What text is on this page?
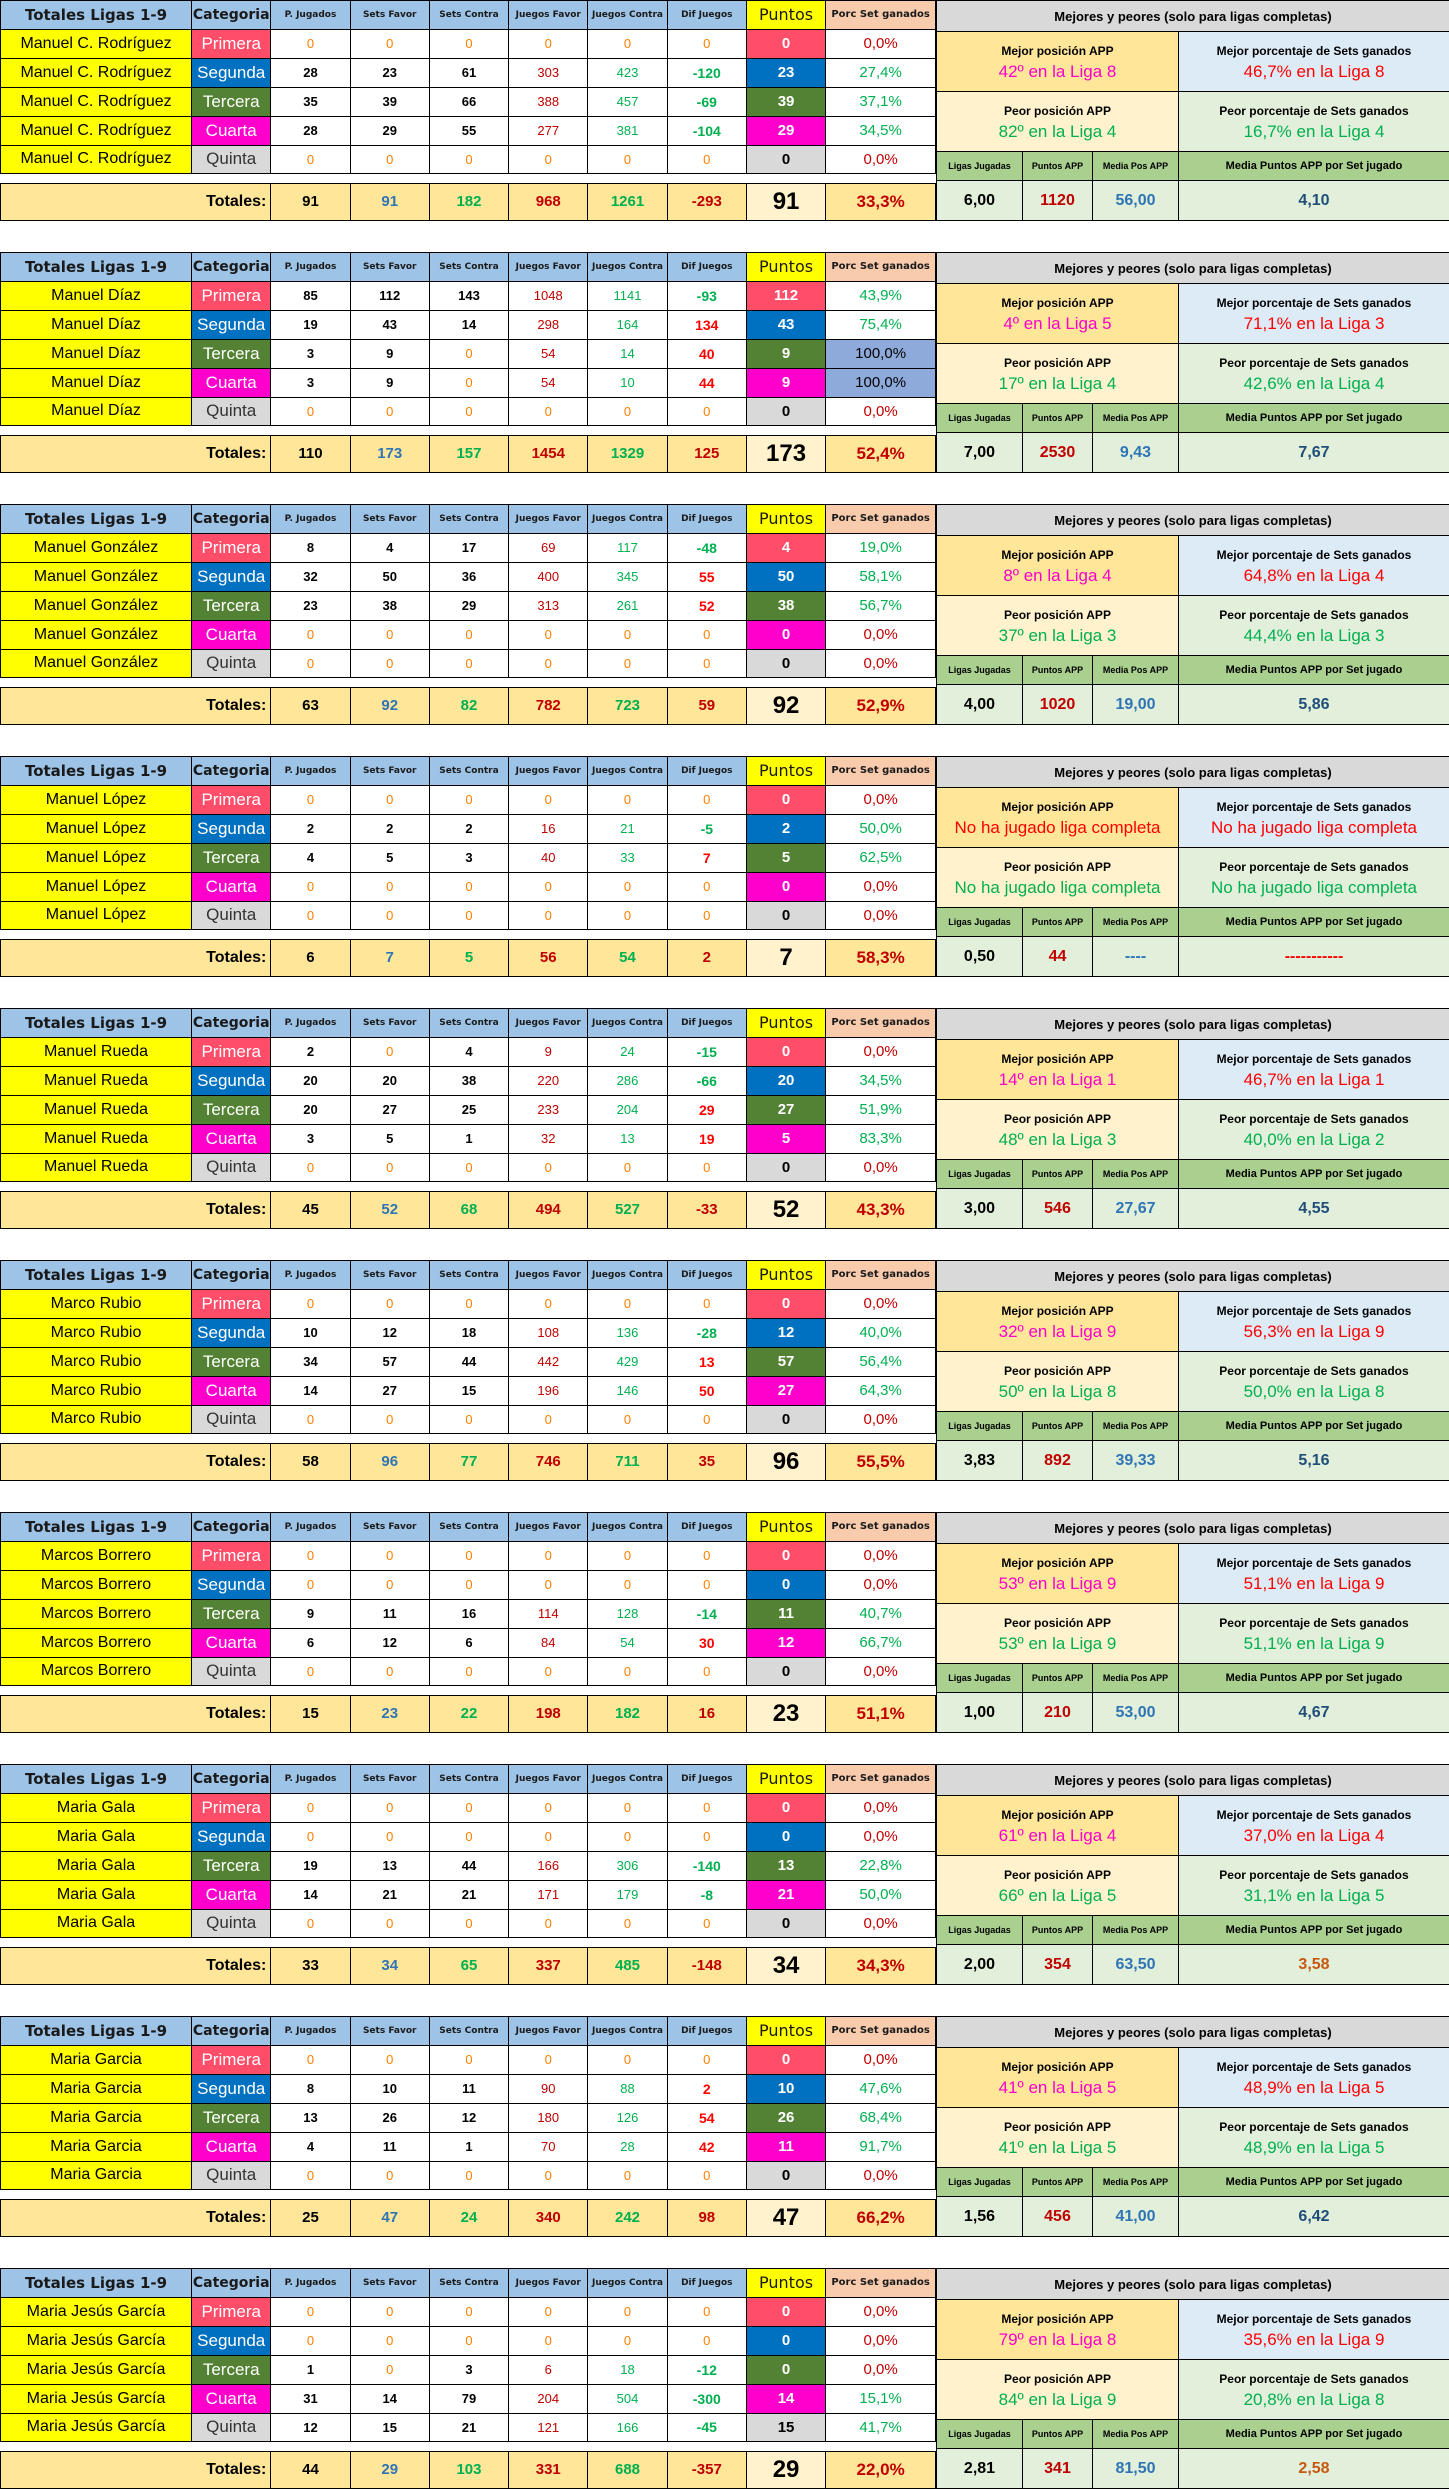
Totales Ligas 1-9	Categoria	P. Jugados	Sets Favor	Sets Contra	Juegos Favor	Juegos Contra	Dif Juegos	Puntos	Porc Set ganados
Manuel C. Rodríguez	Primera	0	0	0	0	0	0	0	0,0%
Manuel C. Rodríguez	Segunda	28	23	61	303	423	-120	23	27,4%
Manuel C. Rodríguez	Tercera	35	39	66	388	457	-69	39	37,1%
Manuel C. Rodríguez	Cuarta	28	29	55	277	381	-104	29	34,5%
Manuel C. Rodríguez	Quinta	0	0	0	0	0	0	0	0,0%

Totales:		91	91	182	968	1261	-293	91	33,3%
Mejores y peores (solo para ligas completas)			

Mejor posición APP
42º en la Liga 8			Mejor porcentaje de Sets ganados
46,7% en la Liga 8

Peor posición APP
82º en la Liga 4			Peor porcentaje de Sets ganados
16,7% en la Liga 4

Ligas Jugadas	Puntos APP	Media Pos APP	Media Puntos APP por Set jugado
6,00	1120	56,00	4,10
Totales Ligas 1-9	Categoria	P. Jugados	Sets Favor	Sets Contra	Juegos Favor	Juegos Contra	Dif Juegos	Puntos	Porc Set ganados
Manuel Díaz	Primera	85	112	143	1048	1141	-93	112	43,9%
Manuel Díaz	Segunda	19	43	14	298	164	134	43	75,4%
Manuel Díaz	Tercera	3	9	0	54	14	40	9	100,0%
Manuel Díaz	Cuarta	3	9	0	54	10	44	9	100,0%
Manuel Díaz	Quinta	0	0	0	0	0	0	0	0,0%

Totales:		110	173	157	1454	1329	125	173	52,4%
Mejores y peores (solo para ligas completas)			

Mejor posición APP
4º en la Liga 5			Mejor porcentaje de Sets ganados
71,1% en la Liga 3

Peor posición APP
17º en la Liga 4			Peor porcentaje de Sets ganados
42,6% en la Liga 4

Ligas Jugadas	Puntos APP	Media Pos APP	Media Puntos APP por Set jugado
7,00	2530	9,43	7,67
Totales Ligas 1-9	Categoria	P. Jugados	Sets Favor	Sets Contra	Juegos Favor	Juegos Contra	Dif Juegos	Puntos	Porc Set ganados
Manuel González	Primera	8	4	17	69	117	-48	4	19,0%
Manuel González	Segunda	32	50	36	400	345	55	50	58,1%
Manuel González	Tercera	23	38	29	313	261	52	38	56,7%
Manuel González	Cuarta	0	0	0	0	0	0	0	0,0%
Manuel González	Quinta	0	0	0	0	0	0	0	0,0%

Totales:		63	92	82	782	723	59	92	52,9%
Mejores y peores (solo para ligas completas)			

Mejor posición APP
8º en la Liga 4			Mejor porcentaje de Sets ganados
64,8% en la Liga 4

Peor posición APP
37º en la Liga 3			Peor porcentaje de Sets ganados
44,4% en la Liga 3

Ligas Jugadas	Puntos APP	Media Pos APP	Media Puntos APP por Set jugado
4,00	1020	19,00	5,86
Totales Ligas 1-9	Categoria	P. Jugados	Sets Favor	Sets Contra	Juegos Favor	Juegos Contra	Dif Juegos	Puntos	Porc Set ganados
Manuel López	Primera	0	0	0	0	0	0	0	0,0%
Manuel López	Segunda	2	2	2	16	21	-5	2	50,0%
Manuel López	Tercera	4	5	3	40	33	7	5	62,5%
Manuel López	Cuarta	0	0	0	0	0	0	0	0,0%
Manuel López	Quinta	0	0	0	0	0	0	0	0,0%

Totales:		6	7	5	56	54	2	7	58,3%
Mejores y peores (solo para ligas completas)			

Mejor posición APP
No ha jugado liga completa			Mejor porcentaje de Sets ganados
No ha jugado liga completa

Peor posición APP
No ha jugado liga completa			Peor porcentaje de Sets ganados
No ha jugado liga completa

Ligas Jugadas	Puntos APP	Media Pos APP	Media Puntos APP por Set jugado
0,50	44	----	-----------
Totales Ligas 1-9	Categoria	P. Jugados	Sets Favor	Sets Contra	Juegos Favor	Juegos Contra	Dif Juegos	Puntos	Porc Set ganados
Manuel Rueda	Primera	2	0	4	9	24	-15	0	0,0%
Manuel Rueda	Segunda	20	20	38	220	286	-66	20	34,5%
Manuel Rueda	Tercera	20	27	25	233	204	29	27	51,9%
Manuel Rueda	Cuarta	3	5	1	32	13	19	5	83,3%
Manuel Rueda	Quinta	0	0	0	0	0	0	0	0,0%

Totales:		45	52	68	494	527	-33	52	43,3%
Mejores y peores (solo para ligas completas)			

Mejor posición APP
14º en la Liga 1			Mejor porcentaje de Sets ganados
46,7% en la Liga 1

Peor posición APP
48º en la Liga 3			Peor porcentaje de Sets ganados
40,0% en la Liga 2

Ligas Jugadas	Puntos APP	Media Pos APP	Media Puntos APP por Set jugado
3,00	546	27,67	4,55
Totales Ligas 1-9	Categoria	P. Jugados	Sets Favor	Sets Contra	Juegos Favor	Juegos Contra	Dif Juegos	Puntos	Porc Set ganados
Marco Rubio	Primera	0	0	0	0	0	0	0	0,0%
Marco Rubio	Segunda	10	12	18	108	136	-28	12	40,0%
Marco Rubio	Tercera	34	57	44	442	429	13	57	56,4%
Marco Rubio	Cuarta	14	27	15	196	146	50	27	64,3%
Marco Rubio	Quinta	0	0	0	0	0	0	0	0,0%

Totales:		58	96	77	746	711	35	96	55,5%
Mejores y peores (solo para ligas completas)			

Mejor posición APP
32º en la Liga 9			Mejor porcentaje de Sets ganados
56,3% en la Liga 9

Peor posición APP
50º en la Liga 8			Peor porcentaje de Sets ganados
50,0% en la Liga 8

Ligas Jugadas	Puntos APP	Media Pos APP	Media Puntos APP por Set jugado
3,83	892	39,33	5,16
Totales Ligas 1-9	Categoria	P. Jugados	Sets Favor	Sets Contra	Juegos Favor	Juegos Contra	Dif Juegos	Puntos	Porc Set ganados
Marcos Borrero	Primera	0	0	0	0	0	0	0	0,0%
Marcos Borrero	Segunda	0	0	0	0	0	0	0	0,0%
Marcos Borrero	Tercera	9	11	16	114	128	-14	11	40,7%
Marcos Borrero	Cuarta	6	12	6	84	54	30	12	66,7%
Marcos Borrero	Quinta	0	0	0	0	0	0	0	0,0%

Totales:		15	23	22	198	182	16	23	51,1%
Mejores y peores (solo para ligas completas)			

Mejor posición APP
53º en la Liga 9			Mejor porcentaje de Sets ganados
51,1% en la Liga 9

Peor posición APP
53º en la Liga 9			Peor porcentaje de Sets ganados
51,1% en la Liga 9

Ligas Jugadas	Puntos APP	Media Pos APP	Media Puntos APP por Set jugado
1,00	210	53,00	4,67
Totales Ligas 1-9	Categoria	P. Jugados	Sets Favor	Sets Contra	Juegos Favor	Juegos Contra	Dif Juegos	Puntos	Porc Set ganados
Maria Gala	Primera	0	0	0	0	0	0	0	0,0%
Maria Gala	Segunda	0	0	0	0	0	0	0	0,0%
Maria Gala	Tercera	19	13	44	166	306	-140	13	22,8%
Maria Gala	Cuarta	14	21	21	171	179	-8	21	50,0%
Maria Gala	Quinta	0	0	0	0	0	0	0	0,0%

Totales:		33	34	65	337	485	-148	34	34,3%
Mejores y peores (solo para ligas completas)			

Mejor posición APP
61º en la Liga 4			Mejor porcentaje de Sets ganados
37,0% en la Liga 4

Peor posición APP
66º en la Liga 5			Peor porcentaje de Sets ganados
31,1% en la Liga 5

Ligas Jugadas	Puntos APP	Media Pos APP	Media Puntos APP por Set jugado
2,00	354	63,50	3,58
Totales Ligas 1-9	Categoria	P. Jugados	Sets Favor	Sets Contra	Juegos Favor	Juegos Contra	Dif Juegos	Puntos	Porc Set ganados
Maria Garcia	Primera	0	0	0	0	0	0	0	0,0%
Maria Garcia	Segunda	8	10	11	90	88	2	10	47,6%
Maria Garcia	Tercera	13	26	12	180	126	54	26	68,4%
Maria Garcia	Cuarta	4	11	1	70	28	42	11	91,7%
Maria Garcia	Quinta	0	0	0	0	0	0	0	0,0%

Totales:		25	47	24	340	242	98	47	66,2%
Mejores y peores (solo para ligas completas)			

Mejor posición APP
41º en la Liga 5			Mejor porcentaje de Sets ganados
48,9% en la Liga 5

Peor posición APP
41º en la Liga 5			Peor porcentaje de Sets ganados
48,9% en la Liga 5

Ligas Jugadas	Puntos APP	Media Pos APP	Media Puntos APP por Set jugado
1,56	456	41,00	6,42
Totales Ligas 1-9	Categoria	P. Jugados	Sets Favor	Sets Contra	Juegos Favor	Juegos Contra	Dif Juegos	Puntos	Porc Set ganados
Maria Jesús García	Primera	0	0	0	0	0	0	0	0,0%
Maria Jesús García	Segunda	0	0	0	0	0	0	0	0,0%
Maria Jesús García	Tercera	1	0	3	6	18	-12	0	0,0%
Maria Jesús García	Cuarta	31	14	79	204	504	-300	14	15,1%
Maria Jesús García	Quinta	12	15	21	121	166	-45	15	41,7%

Totales:		44	29	103	331	688	-357	29	22,0%
Mejores y peores (solo para ligas completas)			

Mejor posición APP
79º en la Liga 8			Mejor porcentaje de Sets ganados
35,6% en la Liga 9

Peor posición APP
84º en la Liga 9			Peor porcentaje de Sets ganados
20,8% en la Liga 8

Ligas Jugadas	Puntos APP	Media Pos APP	Media Puntos APP por Set jugado
2,81	341	81,50	2,58
